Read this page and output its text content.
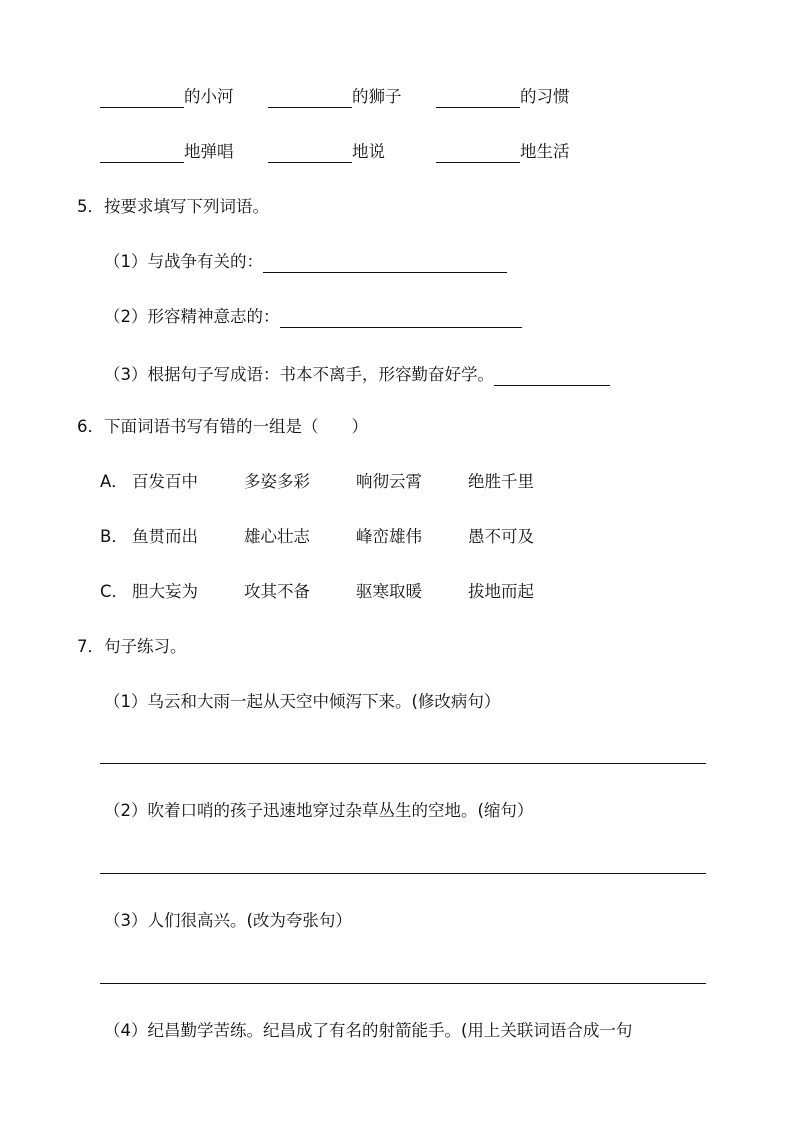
的小河	的狮子	的习惯
地弹唱	地说	地生活
5．按要求填写下列词语。
（1）与战争有关的：
（2）形容精神意志的：
（3）根据句子写成语：书本不离手，形容勤奋好学。
6．下面词语书写有错的一组是（　　）
A． 百发百中	多姿多彩	响彻云霄	绝胜千里
B． 鱼贯而出	雄心壮志	峰峦雄伟	愚不可及
C． 胆大妄为	攻其不备	驱寒取暖	拔地而起
7．句子练习。
（1）乌云和大雨一起从天空中倾泻下来。(修改病句）
（2）吹着口哨的孩子迅速地穿过杂草丛生的空地。(缩句）
（3）人们很高兴。(改为夸张句）
（4）纪昌勤学苦练。纪昌成了有名的射箭能手。(用上关联词语合成一句
